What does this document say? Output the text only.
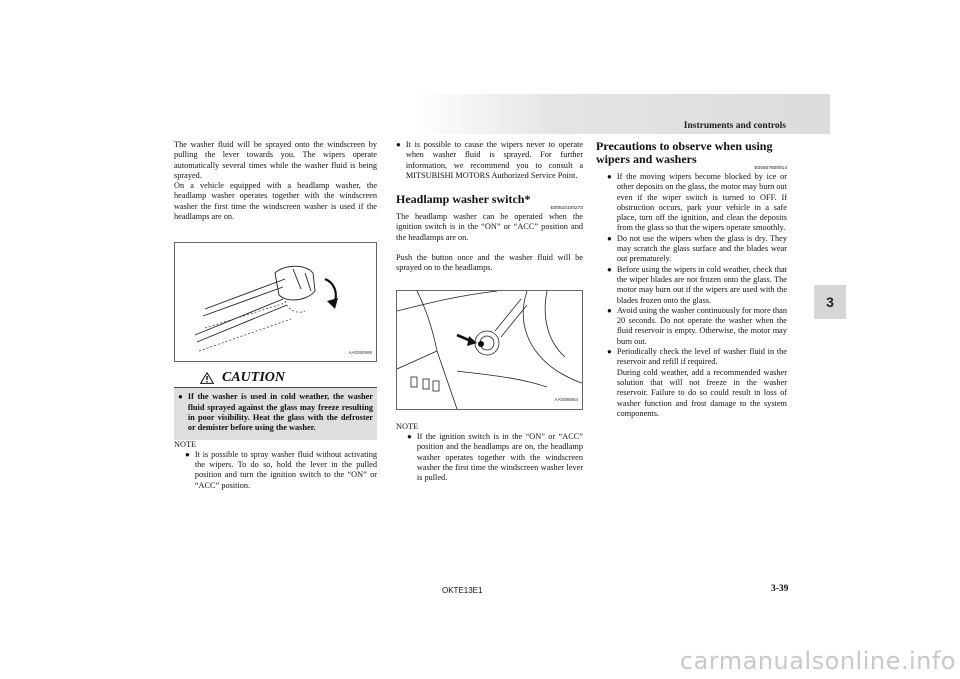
Instruments and controls
3

The washer fluid will be sprayed onto the windscreen by pulling the lever towards you. The wipers operate automatically several times while the washer fluid is being sprayed.

On a vehicle equipped with a headlamp washer, the headlamp washer operates together with the windscreen washer the first time the windscreen washer is used if the headlamps are on.

AA0050999
CAUTION
● If the washer is used in cold weather, the washer fluid sprayed against the glass may freeze resulting in poor visibility. Heat the glass with the defroster or demister before using the washer.

NOTE

● It is possible to spray washer fluid without activating the wipers. To do so, hold the lever in the pulled position and turn the ignition switch to the “ON” or “ACC” position.
● It is possible to cause the wipers never to operate when washer fluid is sprayed. For further information, we recommend you to consult a MITSUBISHI MOTORS Authorized Service Point.
Headlamp washer switch*
E00510100273

The headlamp washer can be operated when the ignition switch is in the “ON” or “ACC” position and the headlamps are on.

Push the button once and the washer fluid will be sprayed on to the headlamps.

AA0088864

NOTE

● If the ignition switch is in the “ON” or “ACC” position and the headlamps are on, the headlamp washer operates together with the windscreen washer the first time the windscreen washer lever is pulled.
Precautions to observe when using wipers and washers
E00507600014
● If the moving wipers become blocked by ice or other deposits on the glass, the motor may burn out even if the wiper switch is turned to OFF. If obstruction occurs, park your vehicle in a safe place, turn off the ignition, and clean the deposits from the glass so that the wipers operate smoothly.
● Do not use the wipers when the glass is dry. They may scratch the glass surface and the blades wear out prematurely.
● Before using the wipers in cold weather, check that the wiper blades are not frozen onto the glass. The motor may burn out if the wipers are used with the blades frozen onto the glass.
● Avoid using the washer continuously for more than 20 seconds. Do not operate the washer when the fluid reservoir is empty. Otherwise, the motor may burn out.
● Periodically check the level of washer fluid in the reservoir and refill if required.
During cold weather, add a recommended washer solution that will not freeze in the washer reservoir. Failure to do so could result in loss of washer function and frost damage to the system components.
OKTE13E1	3-39
carmanualsonline.info
